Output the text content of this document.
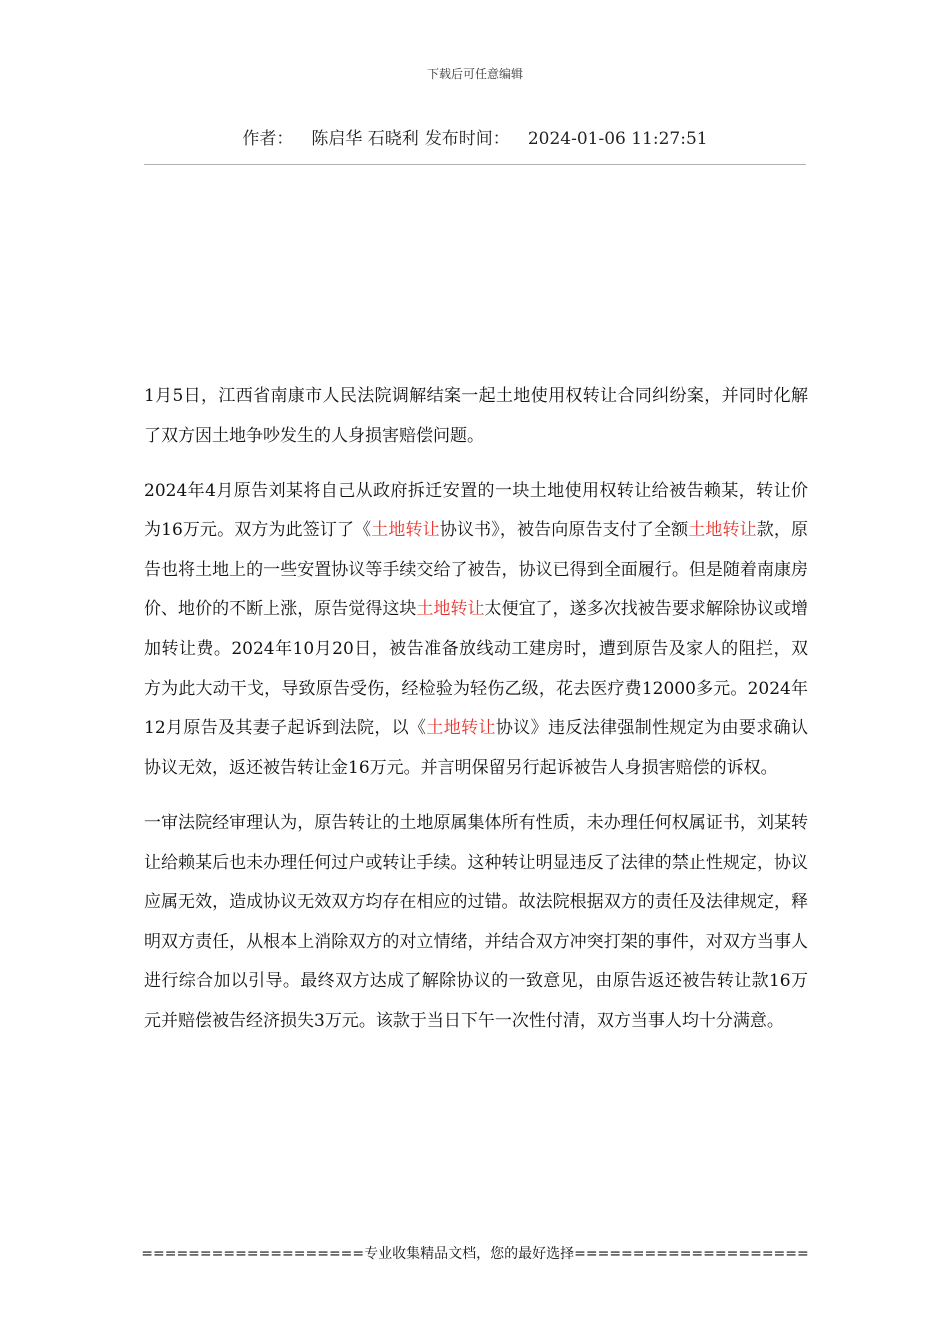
下载后可任意编辑
作者： 陈启华 石晓利 发布时间： 2024-01-06 11:27:51

1月5日，江西省南康市人民法院调解结案一起土地使用权转让合同纠纷案，并同时化解了双方因土地争吵发生的人身损害赔偿问题。

2024年4月原告刘某将自己从政府拆迁安置的一块土地使用权转让给被告赖某，转让价为16万元。双方为此签订了《土地转让协议书》，被告向原告支付了全额土地转让款，原告也将土地上的一些安置协议等手续交给了被告，协议已得到全面履行。但是随着南康房价、地价的不断上涨，原告觉得这块土地转让太便宜了，遂多次找被告要求解除协议或增加转让费。2024年10月20日，被告准备放线动工建房时，遭到原告及家人的阻拦，双方为此大动干戈，导致原告受伤，经检验为轻伤乙级，花去医疗费12000多元。2024年12月原告及其妻子起诉到法院，以《土地转让协议》违反法律强制性规定为由要求确认协议无效，返还被告转让金16万元。并言明保留另行起诉被告人身损害赔偿的诉权。

一审法院经审理认为，原告转让的土地原属集体所有性质，未办理任何权属证书，刘某转让给赖某后也未办理任何过户或转让手续。这种转让明显违反了法律的禁止性规定，协议应属无效，造成协议无效双方均存在相应的过错。故法院根据双方的责任及法律规定，释明双方责任，从根本上消除双方的对立情绪，并结合双方冲突打架的事件，对双方当事人进行综合加以引导。最终双方达成了解除协议的一致意见，由原告返还被告转让款16万元并赔偿被告经济损失3万元。该款于当日下午一次性付清，双方当事人均十分满意。

===================专业收集精品文档，您的最好选择====================
